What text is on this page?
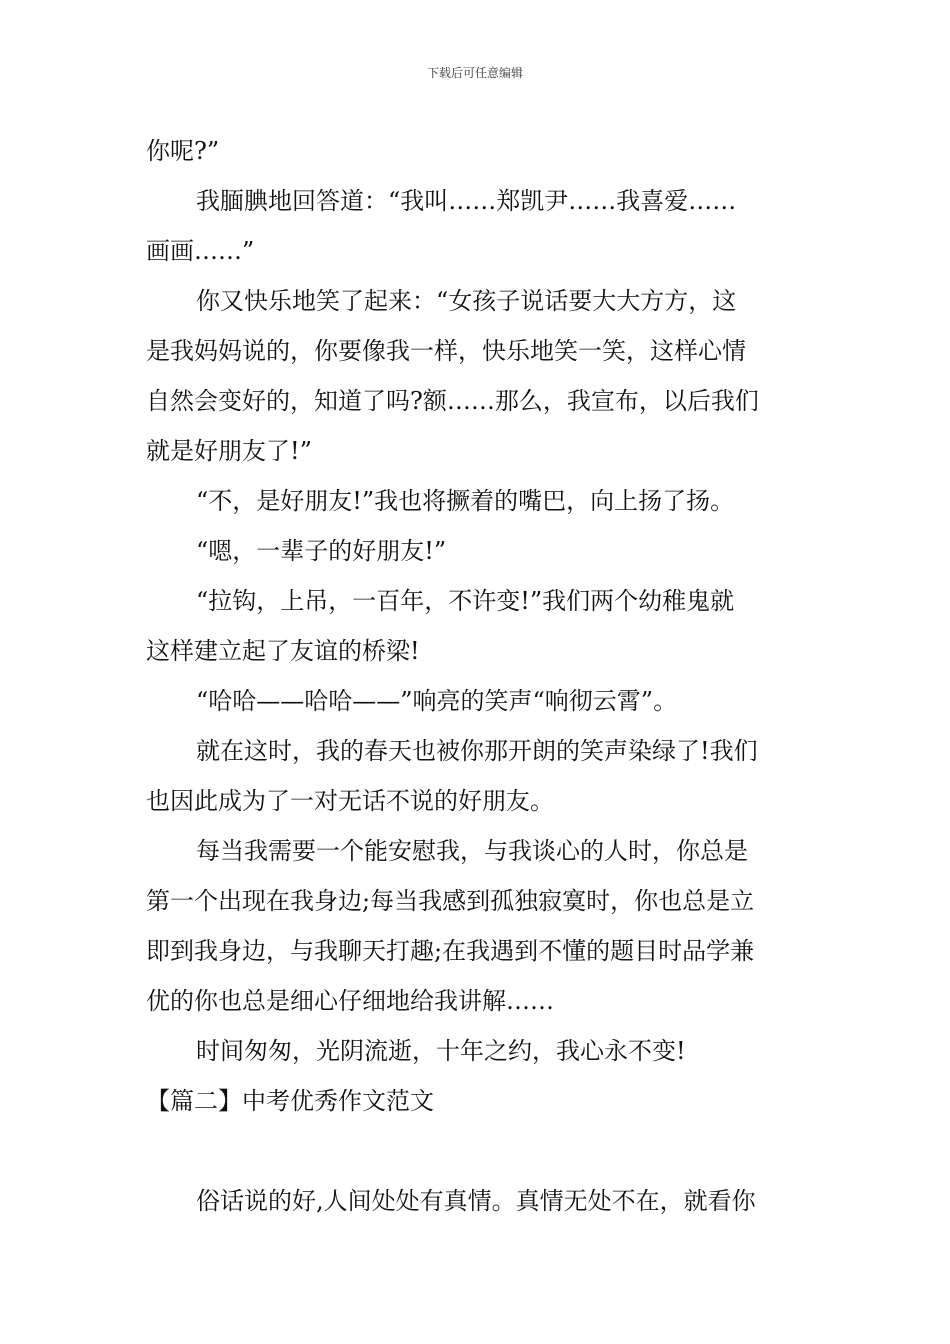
下载后可任意编辑
你呢?”
我腼腆地回答道：“我叫……郑凯尹……我喜爱……
画画……”
你又快乐地笑了起来：“女孩子说话要大大方方，这
是我妈妈说的，你要像我一样，快乐地笑一笑，这样心情
自然会变好的，知道了吗?额……那么，我宣布，以后我们
就是好朋友了!”
“不，是好朋友!”我也将撅着的嘴巴，向上扬了扬。
“嗯，一辈子的好朋友!”
“拉钩，上吊，一百年，不许变!”我们两个幼稚鬼就
这样建立起了友谊的桥梁!
“哈哈——哈哈——”响亮的笑声“响彻云霄”。
就在这时，我的春天也被你那开朗的笑声染绿了!我们
也因此成为了一对无话不说的好朋友。
每当我需要一个能安慰我，与我谈心的人时，你总是
第一个出现在我身边;每当我感到孤独寂寞时，你也总是立
即到我身边，与我聊天打趣;在我遇到不懂的题目时品学兼
优的你也总是细心仔细地给我讲解……
时间匆匆，光阴流逝，十年之约，我心永不变!
【篇二】中考优秀作文范文
俗话说的好,人间处处有真情。真情无处不在，就看你
